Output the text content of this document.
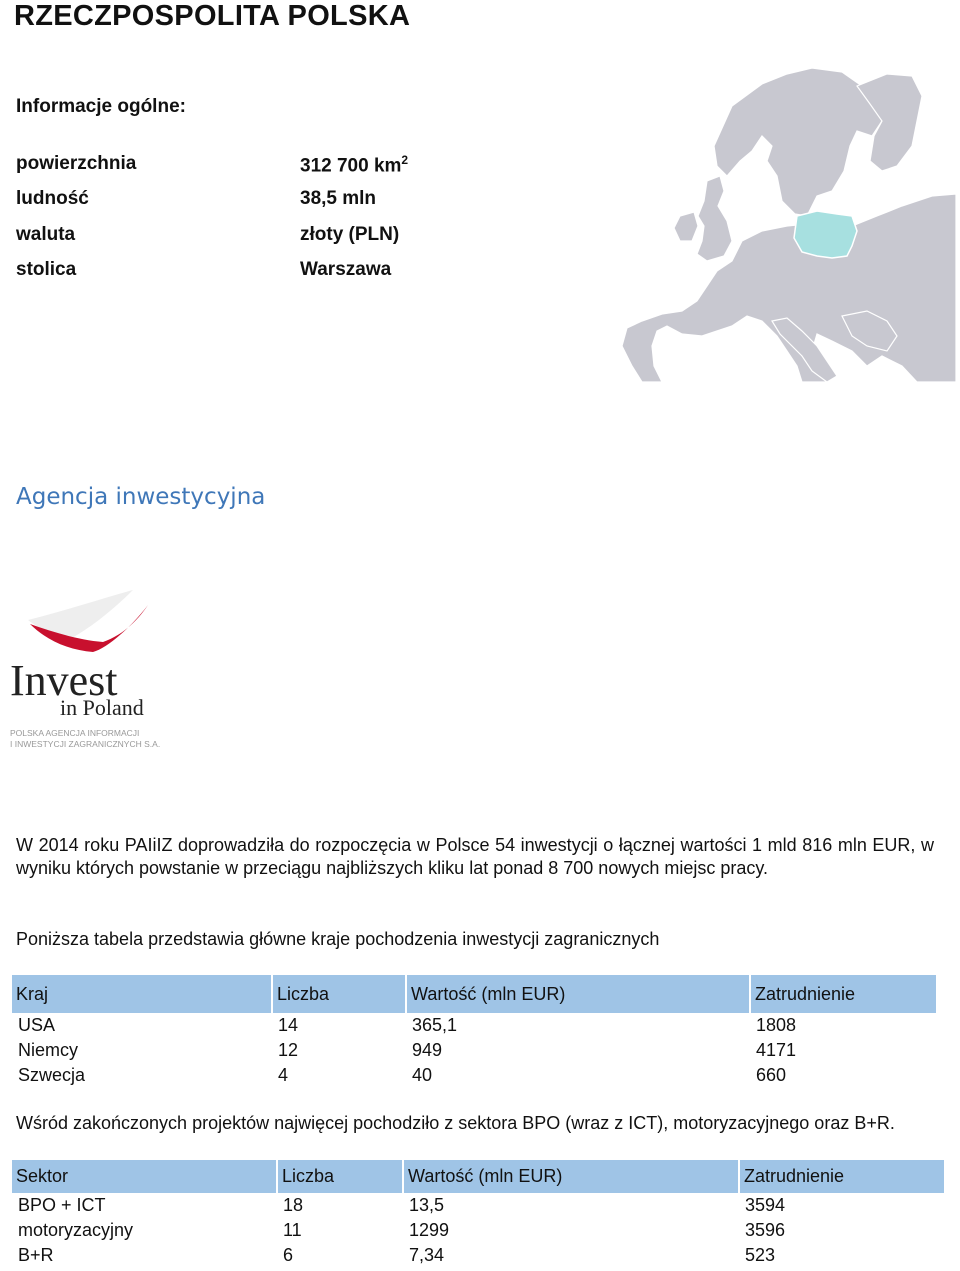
RZECZPOSPOLITA POLSKA
Informacje ogólne:
powierzchnia	312 700 $km^2$
ludność	38,5 mln
waluta	złoty (PLN)
stolica	Warszawa
Agencja inwestycyjna
Invest
in Poland
POLSKA AGENCJA INFORMACJI
I INWESTYCJI ZAGRANICZNYCH S.A.
W 2014 roku PAIiIZ doprowadziła do rozpoczęcia w Polsce 54 inwestycji o łącznej wartości 1 mld 816 mln EUR, w wyniku których powstanie w przeciągu najbliższych kliku lat ponad 8 700 nowych miejsc pracy.
Poniższa tabela przedstawia główne kraje pochodzenia inwestycji zagranicznych
Kraj	Liczba	Wartość (mln EUR)	Zatrudnienie
USA	14	365,1	1808
Niemcy	12	949	4171
Szwecja	4	40	660
Wśród zakończonych projektów najwięcej pochodziło z sektora BPO (wraz z ICT), motoryzacyjnego oraz B+R.
Sektor	Liczba	Wartość (mln EUR)	Zatrudnienie
BPO + ICT	18	13,5	3594
motoryzacyjny	11	1299	3596
B+R	6	7,34	523
